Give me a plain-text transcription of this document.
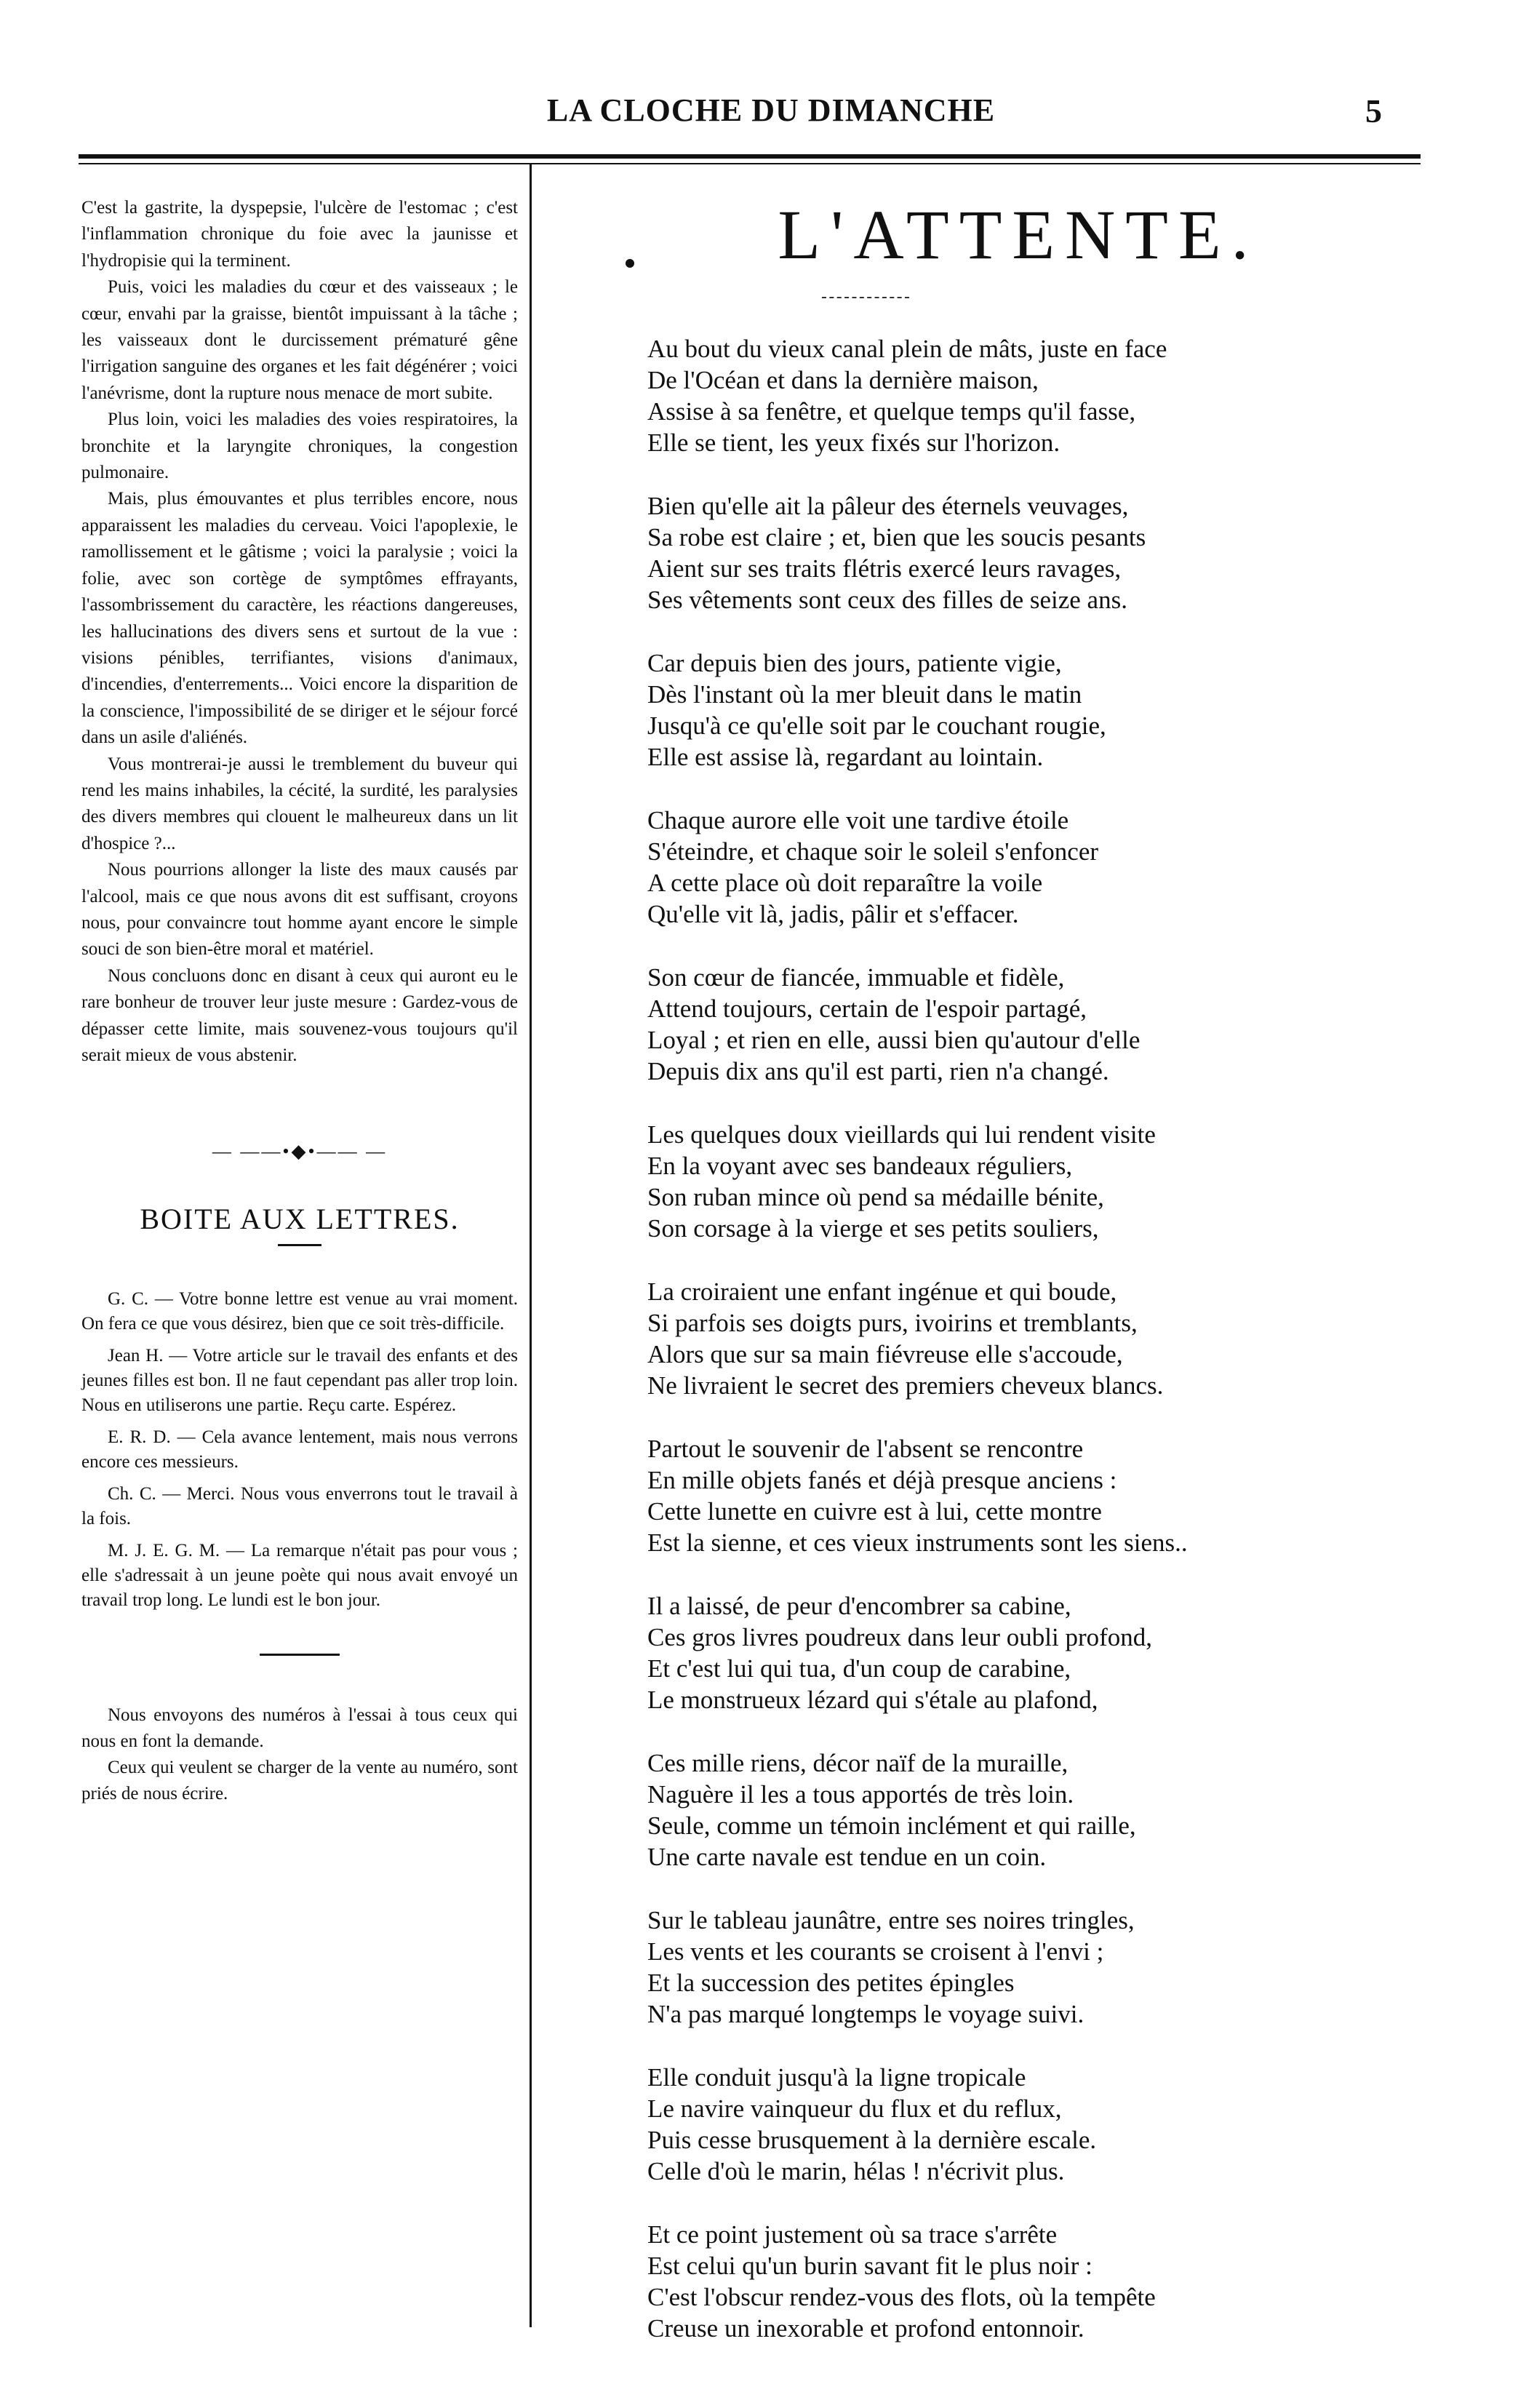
LA CLOCHE DU DIMANCHE	5

C'est la gastrite, la dyspepsie, l'ulcère de l'estomac ; c'est l'inflammation chronique du foie avec la jaunisse et l'hydropisie qui la terminent.

Puis, voici les maladies du cœur et des vaisseaux ; le cœur, envahi par la graisse, bientôt impuissant à la tâche ; les vaisseaux dont le durcissement prématuré gêne l'irrigation sanguine des organes et les fait dégénérer ; voici l'anévrisme, dont la rupture nous menace de mort subite.

Plus loin, voici les maladies des voies respiratoires, la bronchite et la laryngite chroniques, la congestion pulmonaire.

Mais, plus émouvantes et plus terribles encore, nous apparaissent les maladies du cerveau. Voici l'apoplexie, le ramollissement et le gâtisme ; voici la paralysie ; voici la folie, avec son cortège de symptômes effrayants, l'assombrissement du caractère, les réactions dangereuses, les hallucinations des divers sens et surtout de la vue : visions pénibles, terrifiantes, visions d'animaux, d'incendies, d'enterrements... Voici encore la disparition de la conscience, l'impossibilité de se diriger et le séjour forcé dans un asile d'aliénés.

Vous montrerai-je aussi le tremblement du buveur qui rend les mains inhabiles, la cécité, la surdité, les paralysies des divers membres qui clouent le malheureux dans un lit d'hospice ?...

Nous pourrions allonger la liste des maux causés par l'alcool, mais ce que nous avons dit est suffisant, croyons nous, pour convaincre tout homme ayant encore le simple souci de son bien-être moral et matériel.

Nous concluons donc en disant à ceux qui auront eu le rare bonheur de trouver leur juste mesure : Gardez-vous de dépasser cette limite, mais souvenez-vous toujours qu'il serait mieux de vous abstenir.

— ——•◆•—— —
BOITE AUX LETTRES.

G. C. — Votre bonne lettre est venue au vrai moment. On fera ce que vous désirez, bien que ce soit très-difficile.

Jean H. — Votre article sur le travail des enfants et des jeunes filles est bon. Il ne faut cependant pas aller trop loin. Nous en utiliserons une partie. Reçu carte. Espérez.

E. R. D. — Cela avance lentement, mais nous verrons encore ces messieurs.

Ch. C. — Merci. Nous vous enverrons tout le travail à la fois.

M. J. E. G. M. — La remarque n'était pas pour vous ; elle s'adressait à un jeune poète qui nous avait envoyé un travail trop long. Le lundi est le bon jour.

Nous envoyons des numéros à l'essai à tous ceux qui nous en font la demande.

Ceux qui veulent se charger de la vente au numéro, sont priés de nous écrire.

L'ATTENTE.
Au bout du vieux canal plein de mâts, juste en face
De l'Océan et dans la dernière maison,
Assise à sa fenêtre, et quelque temps qu'il fasse,
Elle se tient, les yeux fixés sur l'horizon.
Bien qu'elle ait la pâleur des éternels veuvages,
Sa robe est claire ; et, bien que les soucis pesants
Aient sur ses traits flétris exercé leurs ravages,
Ses vêtements sont ceux des filles de seize ans.
Car depuis bien des jours, patiente vigie,
Dès l'instant où la mer bleuit dans le matin
Jusqu'à ce qu'elle soit par le couchant rougie,
Elle est assise là, regardant au lointain.
Chaque aurore elle voit une tardive étoile
S'éteindre, et chaque soir le soleil s'enfoncer
A cette place où doit reparaître la voile
Qu'elle vit là, jadis, pâlir et s'effacer.
Son cœur de fiancée, immuable et fidèle,
Attend toujours, certain de l'espoir partagé,
Loyal ; et rien en elle, aussi bien qu'autour d'elle
Depuis dix ans qu'il est parti, rien n'a changé.
Les quelques doux vieillards qui lui rendent visite
En la voyant avec ses bandeaux réguliers,
Son ruban mince où pend sa médaille bénite,
Son corsage à la vierge et ses petits souliers,
La croiraient une enfant ingénue et qui boude,
Si parfois ses doigts purs, ivoirins et tremblants,
Alors que sur sa main fiévreuse elle s'accoude,
Ne livraient le secret des premiers cheveux blancs.
Partout le souvenir de l'absent se rencontre
En mille objets fanés et déjà presque anciens :
Cette lunette en cuivre est à lui, cette montre
Est la sienne, et ces vieux instruments sont les siens..
Il a laissé, de peur d'encombrer sa cabine,
Ces gros livres poudreux dans leur oubli profond,
Et c'est lui qui tua, d'un coup de carabine,
Le monstrueux lézard qui s'étale au plafond,
Ces mille riens, décor naïf de la muraille,
Naguère il les a tous apportés de très loin.
Seule, comme un témoin inclément et qui raille,
Une carte navale est tendue en un coin.
Sur le tableau jaunâtre, entre ses noires tringles,
Les vents et les courants se croisent à l'envi ;
Et la succession des petites épingles
N'a pas marqué longtemps le voyage suivi.
Elle conduit jusqu'à la ligne tropicale
Le navire vainqueur du flux et du reflux,
Puis cesse brusquement à la dernière escale.
Celle d'où le marin, hélas ! n'écrivit plus.
Et ce point justement où sa trace s'arrête
Est celui qu'un burin savant fit le plus noir :
C'est l'obscur rendez-vous des flots, où la tempête
Creuse un inexorable et profond entonnoir.
